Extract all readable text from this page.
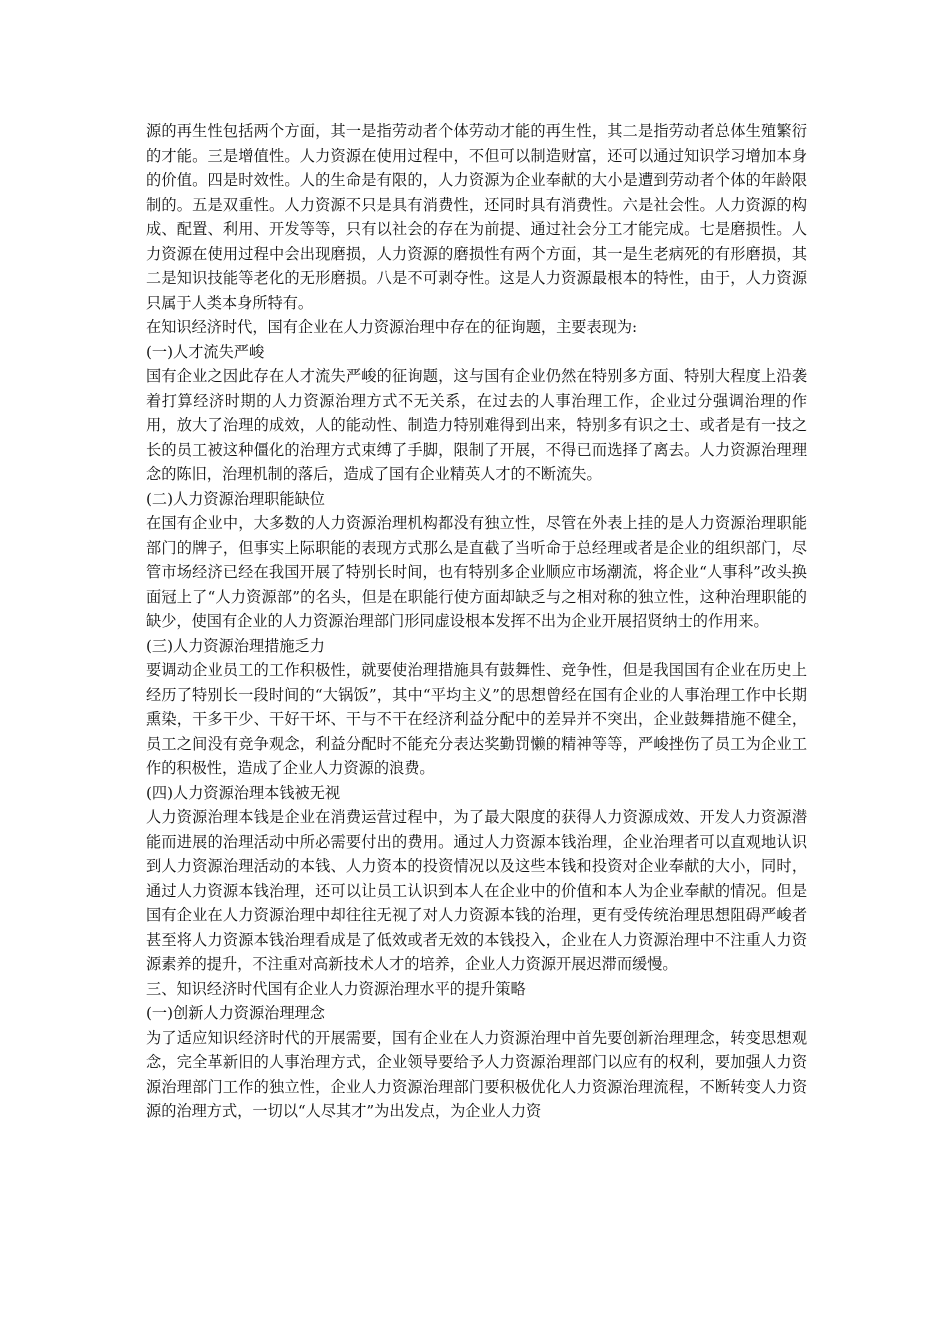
源的再生性包括两个方面，其一是指劳动者个体劳动才能的再生性，其二是指劳动者总体生殖繁衍的才能。三是增值性。人力资源在使用过程中，不但可以制造财富，还可以通过知识学习增加本身的价值。四是时效性。人的生命是有限的，人力资源为企业奉献的大小是遭到劳动者个体的年龄限制的。五是双重性。人力资源不只是具有消费性，还同时具有消费性。六是社会性。人力资源的构成、配置、利用、开发等等，只有以社会的存在为前提、通过社会分工才能完成。七是磨损性。人力资源在使用过程中会出现磨损，人力资源的磨损性有两个方面，其一是生老病死的有形磨损，其二是知识技能等老化的无形磨损。八是不可剥夺性。这是人力资源最根本的特性，由于，人力资源只属于人类本身所特有。

在知识经济时代，国有企业在人力资源治理中存在的征询题，主要表现为:

(一)人才流失严峻

国有企业之因此存在人才流失严峻的征询题，这与国有企业仍然在特别多方面、特别大程度上沿袭着打算经济时期的人力资源治理方式不无关系，在过去的人事治理工作，企业过分强调治理的作用，放大了治理的成效，人的能动性、制造力特别难得到出来，特别多有识之士、或者是有一技之长的员工被这种僵化的治理方式束缚了手脚，限制了开展，不得已而选择了离去。人力资源治理理念的陈旧，治理机制的落后，造成了国有企业精英人才的不断流失。

(二)人力资源治理职能缺位

在国有企业中，大多数的人力资源治理机构都没有独立性，尽管在外表上挂的是人力资源治理职能部门的牌子，但事实上际职能的表现方式那么是直截了当听命于总经理或者是企业的组织部门，尽管市场经济已经在我国开展了特别长时间，也有特别多企业顺应市场潮流，将企业“人事科”改头换面冠上了“人力资源部”的名头，但是在职能行使方面却缺乏与之相对称的独立性，这种治理职能的缺少，使国有企业的人力资源治理部门形同虚设根本发挥不出为企业开展招贤纳士的作用来。

(三)人力资源治理措施乏力

要调动企业员工的工作积极性，就要使治理措施具有鼓舞性、竞争性，但是我国国有企业在历史上经历了特别长一段时间的“大锅饭”，其中“平均主义”的思想曾经在国有企业的人事治理工作中长期熏染，干多干少、干好干坏、干与不干在经济利益分配中的差异并不突出，企业鼓舞措施不健全，员工之间没有竞争观念，利益分配时不能充分表达奖勤罚懒的精神等等，严峻挫伤了员工为企业工作的积极性，造成了企业人力资源的浪费。

(四)人力资源治理本钱被无视

人力资源治理本钱是企业在消费运营过程中，为了最大限度的获得人力资源成效、开发人力资源潜能而进展的治理活动中所必需要付出的费用。通过人力资源本钱治理，企业治理者可以直观地认识到人力资源治理活动的本钱、人力资本的投资情况以及这些本钱和投资对企业奉献的大小，同时，通过人力资源本钱治理，还可以让员工认识到本人在企业中的价值和本人为企业奉献的情况。但是国有企业在人力资源治理中却往往无视了对人力资源本钱的治理，更有受传统治理思想阻碍严峻者甚至将人力资源本钱治理看成是了低效或者无效的本钱投入，企业在人力资源治理中不注重人力资源素养的提升，不注重对高新技术人才的培养，企业人力资源开展迟滞而缓慢。

三、知识经济时代国有企业人力资源治理水平的提升策略

(一)创新人力资源治理理念

为了适应知识经济时代的开展需要，国有企业在人力资源治理中首先要创新治理理念，转变思想观念，完全革新旧的人事治理方式，企业领导要给予人力资源治理部门以应有的权利，要加强人力资源治理部门工作的独立性，企业人力资源治理部门要积极优化人力资源治理流程，不断转变人力资源的治理方式，一切以“人尽其才”为出发点，为企业人力资
